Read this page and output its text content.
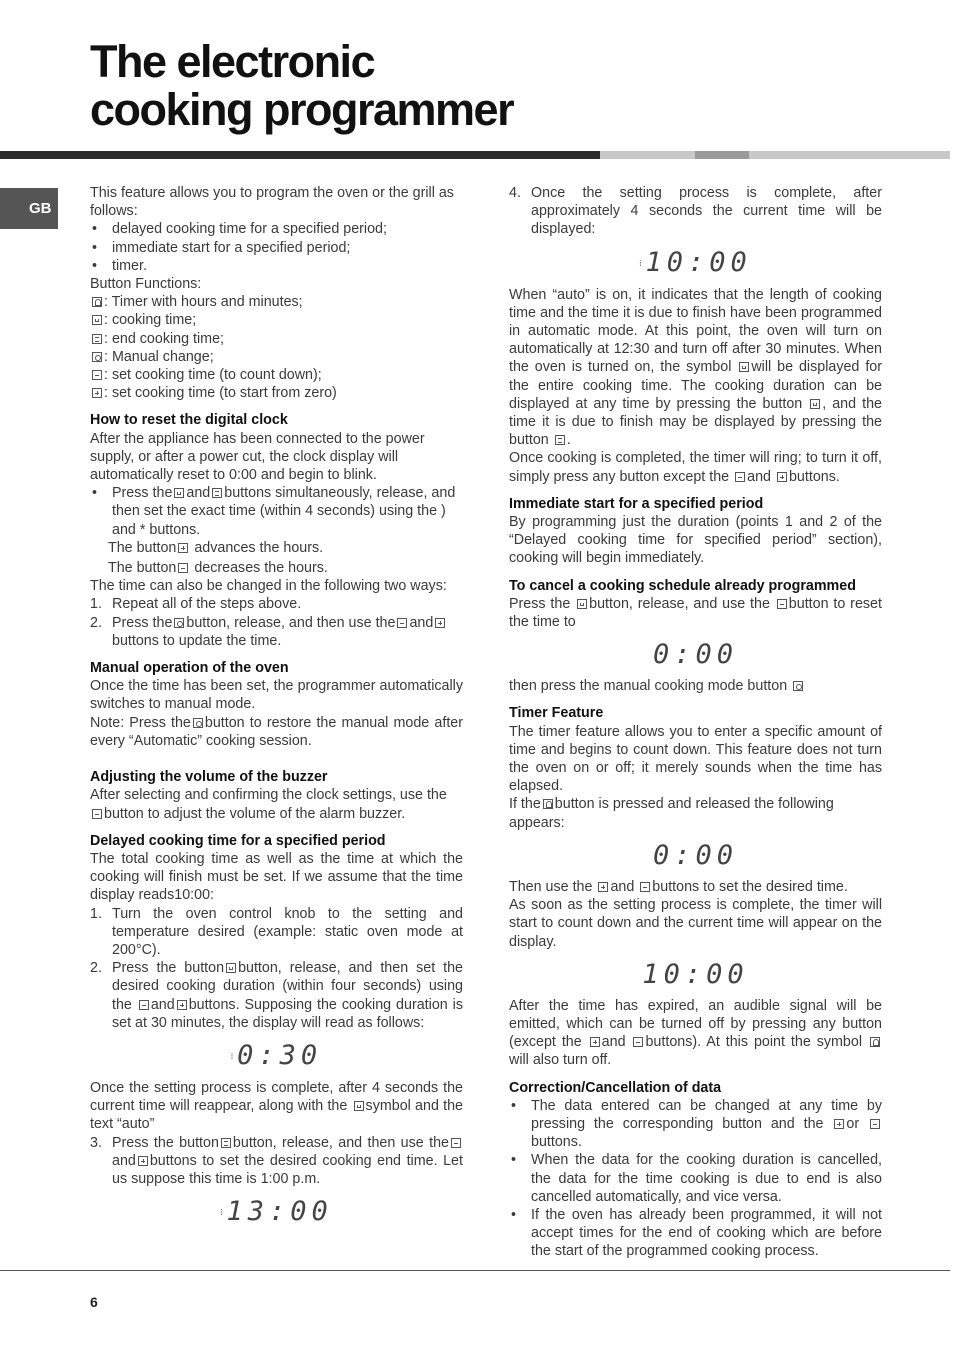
The electronic
cooking programmer
GB

This feature allows you to program the oven or the grill as follows:

• delayed cooking time for a specified period;

• immediate start for a specified period;

• timer.

Button Functions:

: Timer with hours and minutes;

: cooking time;

: end cooking time;

: Manual change;

: set cooking time (to count down);

: set cooking time (to start from zero)

How to reset the digital clock

After the appliance has been connected to the power supply, or after a power cut, the clock display will automatically reset to 0:00 and begin to blink.

• Press the and buttons simultaneously, release, and then set the exact time (within 4 seconds) using the ) and * buttons.

The button advances the hours.

The button decreases the hours.

The time can also be changed in the following two ways:

1. Repeat all of the steps above.

2. Press the button, release, and then use the andbuttons to update the time.

Manual operation of the oven

Once the time has been set, the programmer automatically switches to manual mode.

Note: Press the button to restore the manual mode after every “Automatic” cooking session.

Adjusting the volume of the buzzer

After selecting and confirming the clock settings, use the button to adjust the volume of the alarm buzzer.

Delayed cooking time for a specified period

The total cooking time as well as the time at which the cooking will finish must be set. If we assume that the time display reads10:00:

1. Turn the oven control knob to the setting and temperature desired (example: static oven mode at 200°C).

2. Press the button button, release, and then set the desired cooking duration (within four seconds) using the and buttons. Supposing the cooking duration is set at 30 minutes, the display will read as follows:

⁞ 0:30

Once the setting process is complete, after 4 seconds the current time will reappear, along with the symbol and the text “auto”

3. Press the button button, release, and then use theand buttons to set the desired cooking end time. Let us suppose this time is 1:00 p.m.

⁞ 13:00

4. Once the setting process is complete, after approximately 4 seconds the current time will be displayed:

⁞ 10:00

When “auto” is on, it indicates that the length of cooking time and the time it is due to finish have been programmed in automatic mode. At this point, the oven will turn on automatically at 12:30 and turn off after 30 minutes. When the oven is turned on, the symbol will be displayed for the entire cooking time. The cooking duration can be displayed at any time by pressing the button , and the time it is due to finish may be displayed by pressing the button .

Once cooking is completed, the timer will ring; to turn it off, simply press any button except the and buttons.

Immediate start for a specified period

By programming just the duration (points 1 and 2 of the “Delayed cooking time for specified period” section), cooking will begin immediately.

To cancel a cooking schedule already programmed

Press the button, release, and use the button to reset the time to

0:00

then press the manual cooking mode button

Timer Feature

The timer feature allows you to enter a specific amount of time and begins to count down. This feature does not turn the oven on or off; it merely sounds when the time has elapsed.

If the button is pressed and released the following appears:

0:00

Then use the and buttons to set the desired time.

As soon as the setting process is complete, the timer will start to count down and the current time will appear on the display.

10:00

After the time has expired, an audible signal will be emitted, which can be turned off by pressing any button (except the and buttons). At this point the symbol will also turn off.

Correction/Cancellation of data

• The data entered can be changed at any time by pressing the corresponding button and the or buttons.

• When the data for the cooking duration is cancelled, the data for the time cooking is due to end is also cancelled automatically, and vice versa.

• If the oven has already been programmed, it will not accept times for the end of cooking which are before the start of the programmed cooking process.

6
